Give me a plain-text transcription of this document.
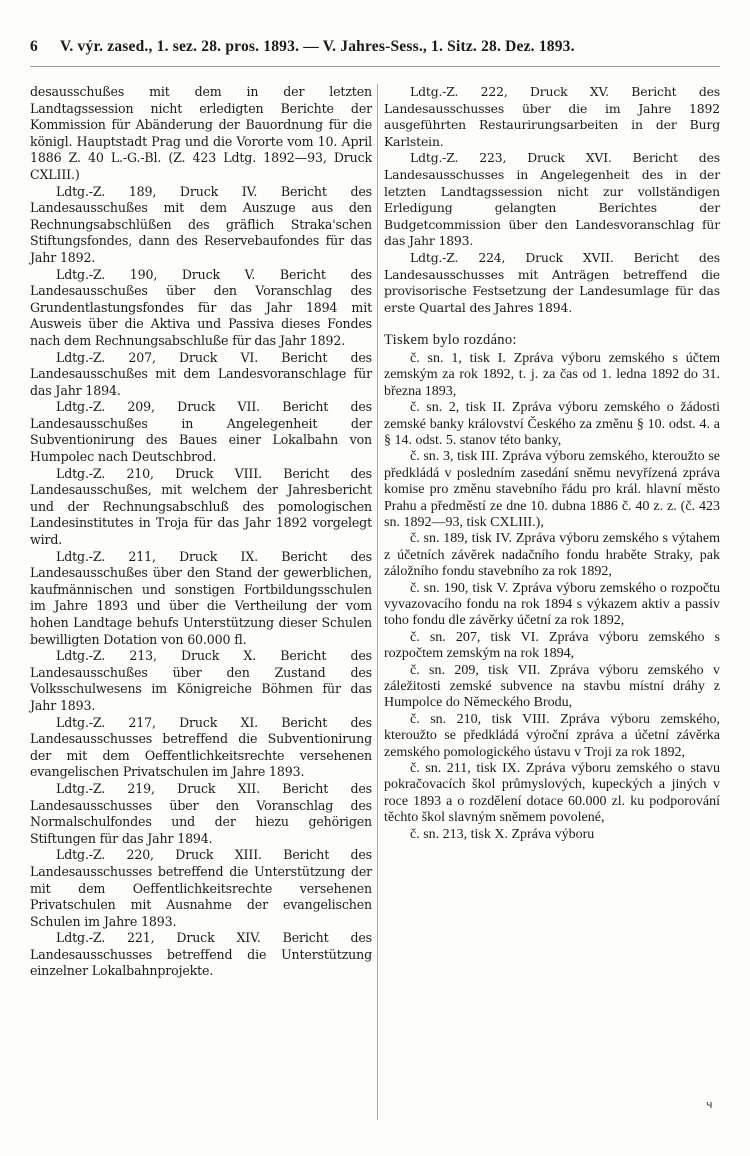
6 V. výr. zased., 1. sez. 28. pros. 1893. — V. Jahres-Sess., 1. Sitz. 28. Dez. 1893.

desausschußes mit dem in der letzten Landtagssession nicht erledigten Berichte der Kommission für Abänderung der Bauordnung für die königl. Hauptstadt Prag und die Vororte vom 10. April 1886 Z. 40 L.-G.-Bl. (Z. 423 Ldtg. 1892—93, Druck CXLIII.)

Ldtg.-Z. 189, Druck IV. Bericht des Landesausschußes mit dem Auszuge aus den Rechnungsabschlüßen des gräflich Straka'schen Stiftungsfondes, dann des Reservebaufondes für das Jahr 1892.

Ldtg.-Z. 190, Druck V. Bericht des Landesausschußes über den Voranschlag des Grundentlastungsfondes für das Jahr 1894 mit Ausweis über die Aktiva und Passiva dieses Fondes nach dem Rechnungsabschluße für das Jahr 1892.

Ldtg.-Z. 207, Druck VI. Bericht des Landesausschußes mit dem Landesvoranschlage für das Jahr 1894.

Ldtg.-Z. 209, Druck VII. Bericht des Landesausschußes in Angelegenheit der Subventionirung des Baues einer Lokalbahn von Humpolec nach Deutschbrod.

Ldtg.-Z. 210, Druck VIII. Bericht des Landesausschußes, mit welchem der Jahresbericht und der Rechnungsabschluß des pomologischen Landesinstitutes in Troja für das Jahr 1892 vorgelegt wird.

Ldtg.-Z. 211, Druck IX. Bericht des Landesausschußes über den Stand der gewerblichen, kaufmännischen und sonstigen Fortbildungsschulen im Jahre 1893 und über die Vertheilung der vom hohen Landtage behufs Unterstützung dieser Schulen bewilligten Dotation von 60.000 fl.

Ldtg.-Z. 213, Druck X. Bericht des Landesausschußes über den Zustand des Volksschulwesens im Königreiche Böhmen für das Jahr 1893.

Ldtg.-Z. 217, Druck XI. Bericht des Landesausschusses betreffend die Subventionirung der mit dem Oeffentlichkeitsrechte versehenen evangelischen Privatschulen im Jahre 1893.

Ldtg.-Z. 219, Druck XII. Bericht des Landesausschusses über den Voranschlag des Normalschulfondes und der hiezu gehörigen Stiftungen für das Jahr 1894.

Ldtg.-Z. 220, Druck XIII. Bericht des Landesausschusses betreffend die Unterstützung der mit dem Oeffentlichkeitsrechte versehenen Privatschulen mit Ausnahme der evangelischen Schulen im Jahre 1893.

Ldtg.-Z. 221, Druck XIV. Bericht des Landesausschusses betreffend die Unterstützung einzelner Lokalbahnprojekte.

Ldtg.-Z. 222, Druck XV. Bericht des Landesausschusses über die im Jahre 1892 ausgeführten Restaurirungsarbeiten in der Burg Karlstein.

Ldtg.-Z. 223, Druck XVI. Bericht des Landesausschusses in Angelegenheit des in der letzten Landtagssession nicht zur vollständigen Erledigung gelangten Berichtes der Budgetcommission über den Landesvoranschlag für das Jahr 1893.

Ldtg.-Z. 224, Druck XVII. Bericht des Landesausschusses mit Anträgen betreffend die provisorische Festsetzung der Landesumlage für das erste Quartal des Jahres 1894.

Tiskem bylo rozdáno:

č. sn. 1, tisk I. Zpráva výboru zemského s účtem zemským za rok 1892, t. j. za čas od 1. ledna 1892 do 31. března 1893,

č. sn. 2, tisk II. Zpráva výboru zemského o žádosti zemské banky království Českého za změnu § 10. odst. 4. a § 14. odst. 5. stanov této banky,

č. sn. 3, tisk III. Zpráva výboru zemského, kteroužto se předkládá v posledním zasedání sněmu nevyřízená zpráva komise pro změnu stavebního řádu pro král. hlavní město Prahu a předměstí ze dne 10. dubna 1886 č. 40 z. z. (č. 423 sn. 1892—93, tisk CXLIII.),

č. sn. 189, tisk IV. Zpráva výboru zemského s výtahem z účetních závěrek nadačního fondu hraběte Straky, pak záložního fondu stavebního za rok 1892,

č. sn. 190, tisk V. Zpráva výboru zemského o rozpočtu vyvazovacího fondu na rok 1894 s výkazem aktiv a passiv toho fondu dle závěrky účetní za rok 1892,

č. sn. 207, tisk VI. Zpráva výboru zemského s rozpočtem zemským na rok 1894,

č. sn. 209, tisk VII. Zpráva výboru zemského v záležitosti zemské subvence na stavbu místní dráhy z Humpolce do Německého Brodu,

č. sn. 210, tisk VIII. Zpráva výboru zemského, kteroužto se předkládá výroční zpráva a účetní závěrka zemského pomologického ústavu v Troji za rok 1892,

č. sn. 211, tisk IX. Zpráva výboru zemského o stavu pokračovacích škol průmyslových, kupeckých a jiných v roce 1893 a o rozdělení dotace 60.000 zl. ku podporování těchto škol slavným sněmem povolené,

č. sn. 213, tisk X. Zpráva výboru

ч
